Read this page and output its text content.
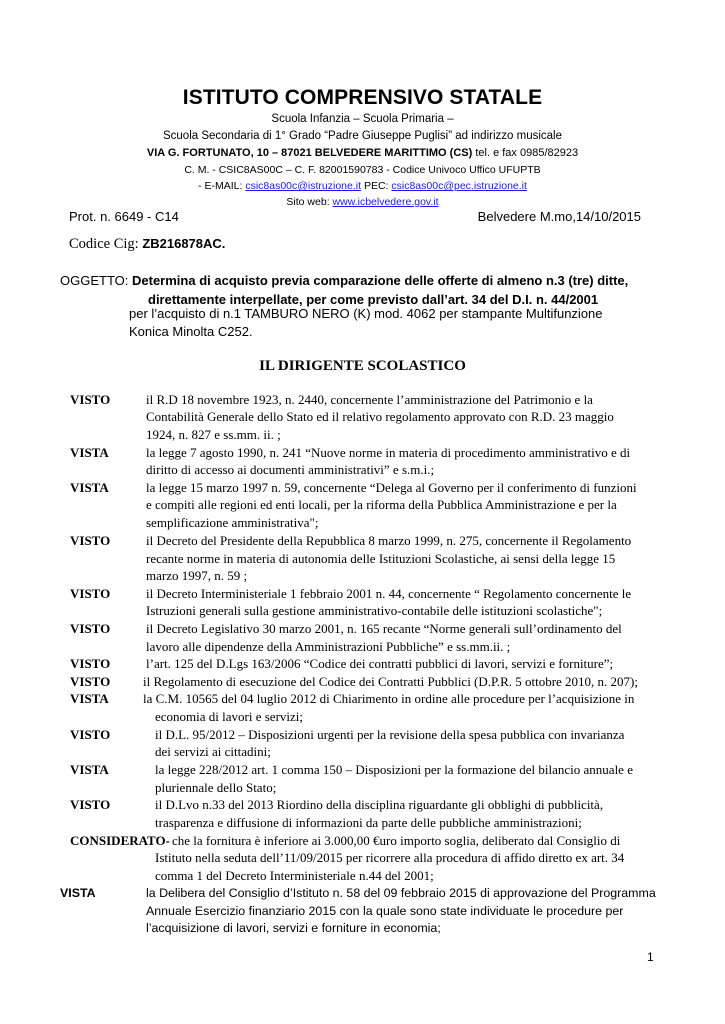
ISTITUTO COMPRENSIVO STATALE
Scuola Infanzia – Scuola Primaria –
Scuola Secondaria di 1° Grado “Padre Giuseppe Puglisi” ad indirizzo musicale
VIA G. FORTUNATO, 10 – 87021 BELVEDERE MARITTIMO (CS) tel. e fax 0985/82923
C. M. - CSIC8AS00C – C. F. 82001590783 - Codice Univoco Uffico UFUPTB
- E-MAIL: csic8as00c@istruzione.it PEC: csic8as00c@pec.istruzione.it
Sito web: www.icbelvedere.gov.it
Prot. n. 6649 - C14	Belvedere M.mo,14/10/2015
Codice Cig: ZB216878AC.
OGGETTO: Determina di acquisto previa comparazione delle offerte di almeno n.3 (tre) ditte,
direttamente interpellate, per come previsto dall’art. 34 del D.I. n. 44/2001
per l’acquisto di n.1 TAMBURO NERO (K) mod. 4062 per stampante Multifunzione
Konica Minolta C252.
IL DIRIGENTE SCOLASTICO
VISTO	il R.D 18 novembre 1923, n. 2440, concernente l’amministrazione del Patrimonio e la
Contabilità Generale dello Stato ed il relativo regolamento approvato con R.D. 23 maggio
1924, n. 827 e ss.mm. ii. ;
VISTA	la legge 7 agosto 1990, n. 241 “Nuove norme in materia di procedimento amministrativo e di
diritto di accesso ai documenti amministrativi” e s.m.i.;
VISTA	la legge 15 marzo 1997 n. 59, concernente “Delega al Governo per il conferimento di funzioni
e compiti alle regioni ed enti locali, per la riforma della Pubblica Amministrazione e per la
semplificazione amministrativa";
VISTO	il Decreto del Presidente della Repubblica 8 marzo 1999, n. 275, concernente il Regolamento
recante norme in materia di autonomia delle Istituzioni Scolastiche, ai sensi della legge 15
marzo 1997, n. 59 ;
VISTO	il Decreto Interministeriale 1 febbraio 2001 n. 44, concernente “ Regolamento concernente le
Istruzioni generali sulla gestione amministrativo-contabile delle istituzioni scolastiche";
VISTO	il Decreto Legislativo 30 marzo 2001, n. 165 recante “Norme generali sull’ordinamento del
lavoro alle dipendenze della Amministrazioni Pubbliche” e ss.mm.ii. ;
VISTO	l’art. 125 del D.Lgs 163/2006 “Codice dei contratti pubblici di lavori, servizi e forniture”;
VISTO	il Regolamento di esecuzione del Codice dei Contratti Pubblici (D.P.R. 5 ottobre 2010, n. 207);
VISTA	la C.M. 10565 del 04 luglio 2012 di Chiarimento in ordine alle procedure per l’acquisizione in
economia di lavori e servizi;
VISTO	il D.L. 95/2012 – Disposizioni urgenti per la revisione della spesa pubblica con invarianza
dei servizi ai cittadini;
VISTA	la legge 228/2012 art. 1 comma 150 – Disposizioni per la formazione del bilancio annuale e
pluriennale dello Stato;
VISTO	il D.Lvo n.33 del 2013 Riordino della disciplina riguardante gli obblighi di pubblicità,
trasparenza e diffusione di informazioni da parte delle pubbliche amministrazioni;
CONSIDERATO- che la fornitura è inferiore ai 3.000,00 €uro importo soglia, deliberato dal Consiglio di
Istituto nella seduta dell’11/09/2015 per ricorrere alla procedura di affido diretto ex art. 34
comma 1 del Decreto Interministeriale n.44 del 2001;
VISTA	la Delibera del Consiglio d’Istituto n. 58 del 09 febbraio 2015 di approvazione del Programma
Annuale Esercizio finanziario 2015 con la quale sono state individuate le procedure per
l’acquisizione di lavori, servizi e forniture in economia;
1
